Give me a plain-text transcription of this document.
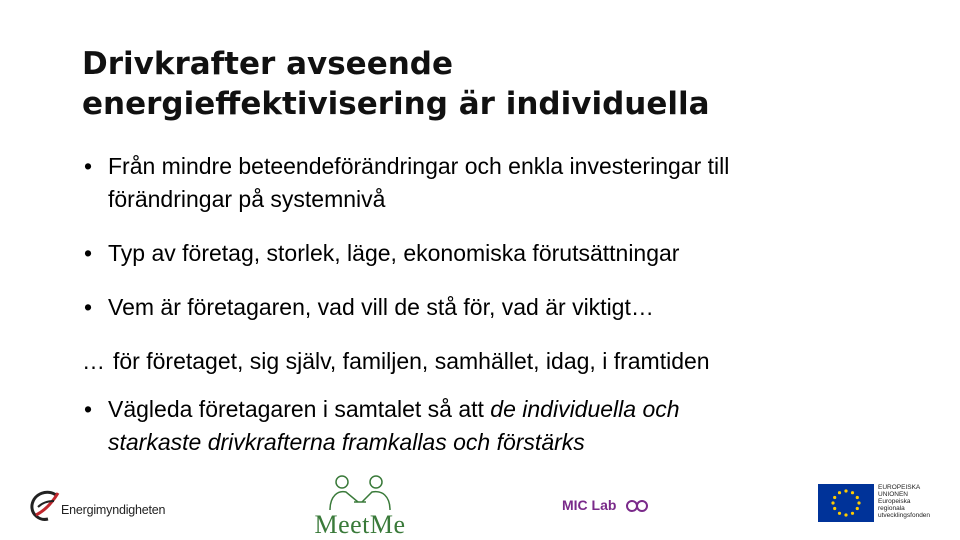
Drivkrafter avseende
energieffektivisering är individuella
• Från mindre beteendeförändringar och enkla investeringar till
förändringar på systemnivå
• Typ av företag, storlek, läge, ekonomiska förutsättningar
• Vem är företagaren, vad vill de stå för, vad är viktigt…
… för företaget, sig själv, familjen, samhället, idag, i framtiden
• Vägleda företagaren i samtalet så att de individuella och
starkaste drivkrafterna framkallas och förstärks
Energimyndigheten	MeetMe
MIC Lab
EUROPEISKA
UNIONEN
Europeiska
regionala
utvecklingsfonden
